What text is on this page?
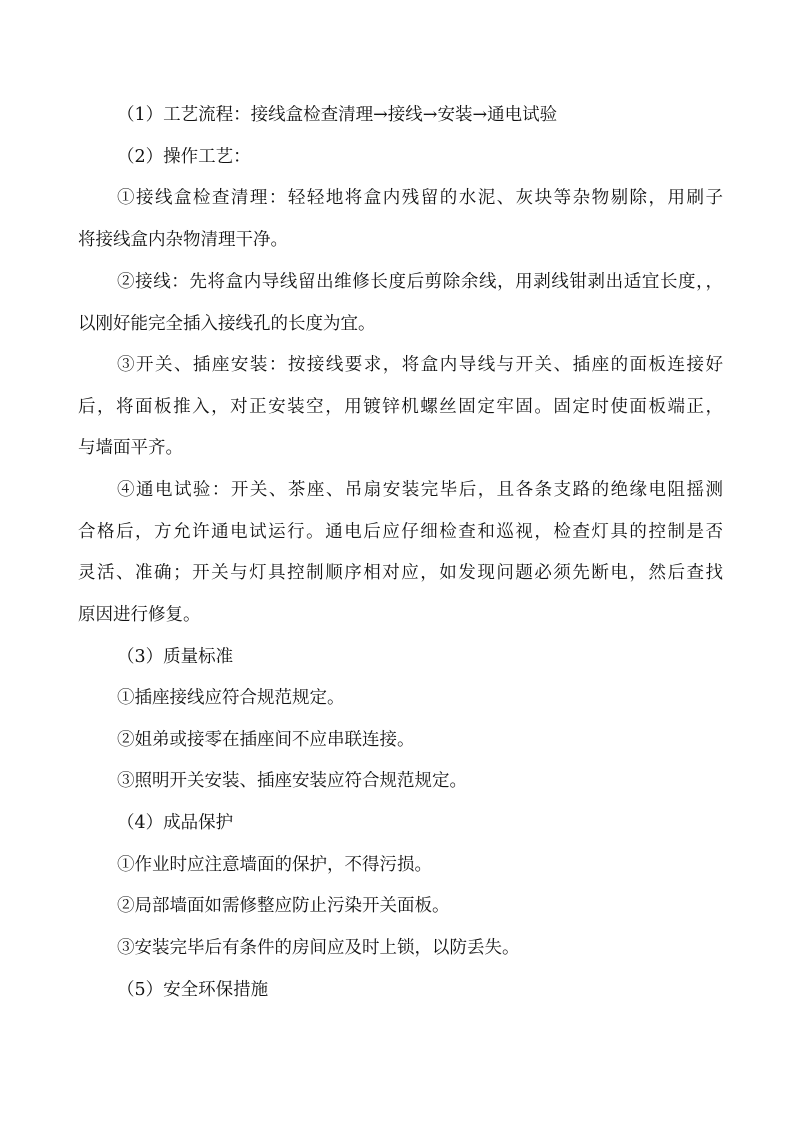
（1）工艺流程：接线盒检查清理→接线→安装→通电试验

（2）操作工艺：

①接线盒检查清理：轻轻地将盒内残留的水泥、灰块等杂物剔除，用刷子
将接线盒内杂物清理干净。

②接线：先将盒内导线留出维修长度后剪除余线，用剥线钳剥出适宜长度，，
以刚好能完全插入接线孔的长度为宜。

③开关、插座安装：按接线要求，将盒内导线与开关、插座的面板连接好
后，将面板推入，对正安装空，用镀锌机螺丝固定牢固。固定时使面板端正，
与墙面平齐。

④通电试验：开关、茶座、吊扇安装完毕后，且各条支路的绝缘电阻摇测
合格后，方允许通电试运行。通电后应仔细检查和巡视，检查灯具的控制是否
灵活、准确；开关与灯具控制顺序相对应，如发现问题必须先断电，然后查找
原因进行修复。

（3）质量标准

①插座接线应符合规范规定。

②姐弟或接零在插座间不应串联连接。

③照明开关安装、插座安装应符合规范规定。

（4）成品保护

①作业时应注意墙面的保护，不得污损。

②局部墙面如需修整应防止污染开关面板。

③安装完毕后有条件的房间应及时上锁，以防丢失。

（5）安全环保措施
